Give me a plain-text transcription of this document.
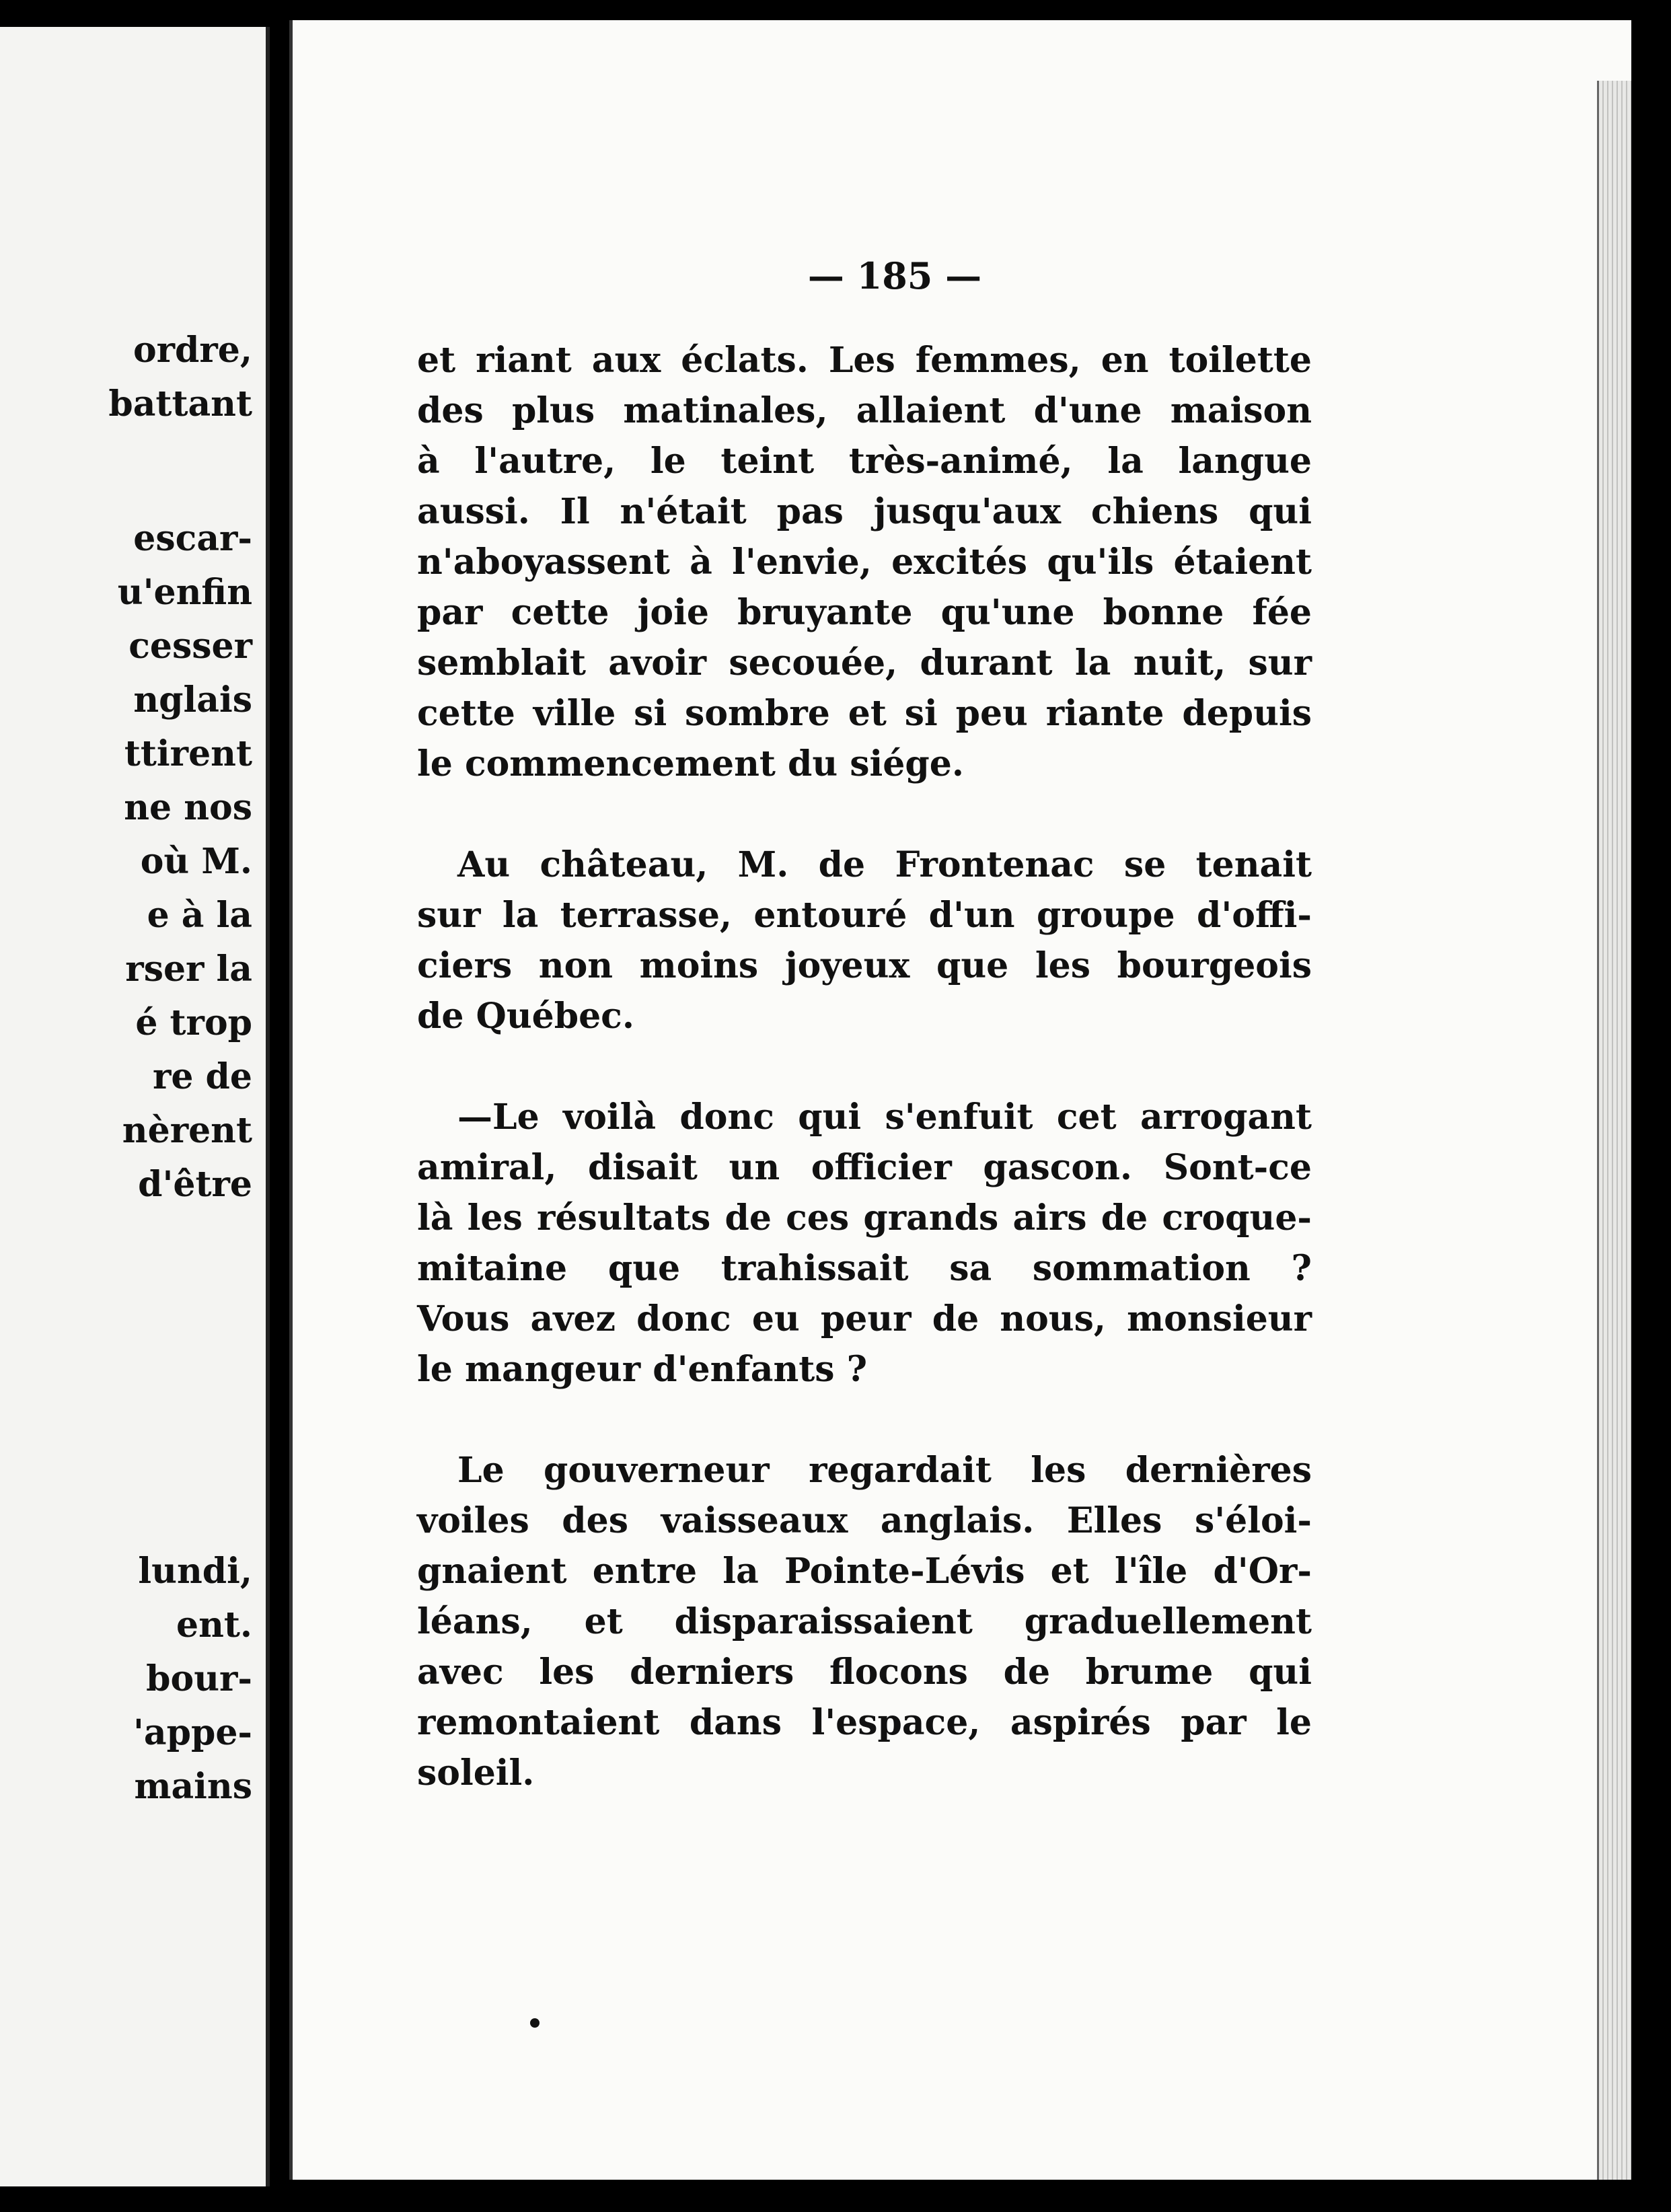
ordre,
battant
escar-
u'enfin
cesser
nglais
ttirent
ne nos
où M.
e à la
rser la
é trop
re de
nèrent
d'être
lundi,
ent.
bour-
'appe-
mains
— 185 —

et riant aux éclats. Les femmes, en toilette
des plus matinales, allaient d'une maison
à l'autre, le teint très-animé, la langue
aussi. Il n'était pas jusqu'aux chiens qui
n'aboyassent à l'envie, excités qu'ils étaient
par cette joie bruyante qu'une bonne fée
semblait avoir secouée, durant la nuit, sur
cette ville si sombre et si peu riante depuis
le commencement du siége.

Au château, M. de Frontenac se tenait
sur la terrasse, entouré d'un groupe d'offi-
ciers non moins joyeux que les bourgeois
de Québec.

—Le voilà donc qui s'enfuit cet arrogant
amiral, disait un officier gascon. Sont-ce
là les résultats de ces grands airs de croque-
mitaine que trahissait sa sommation ?
Vous avez donc eu peur de nous, monsieur
le mangeur d'enfants ?

Le gouverneur regardait les dernières
voiles des vaisseaux anglais. Elles s'éloi-
gnaient entre la Pointe-Lévis et l'île d'Or-
léans, et disparaissaient graduellement
avec les derniers flocons de brume qui
remontaient dans l'espace, aspirés par le
soleil.
